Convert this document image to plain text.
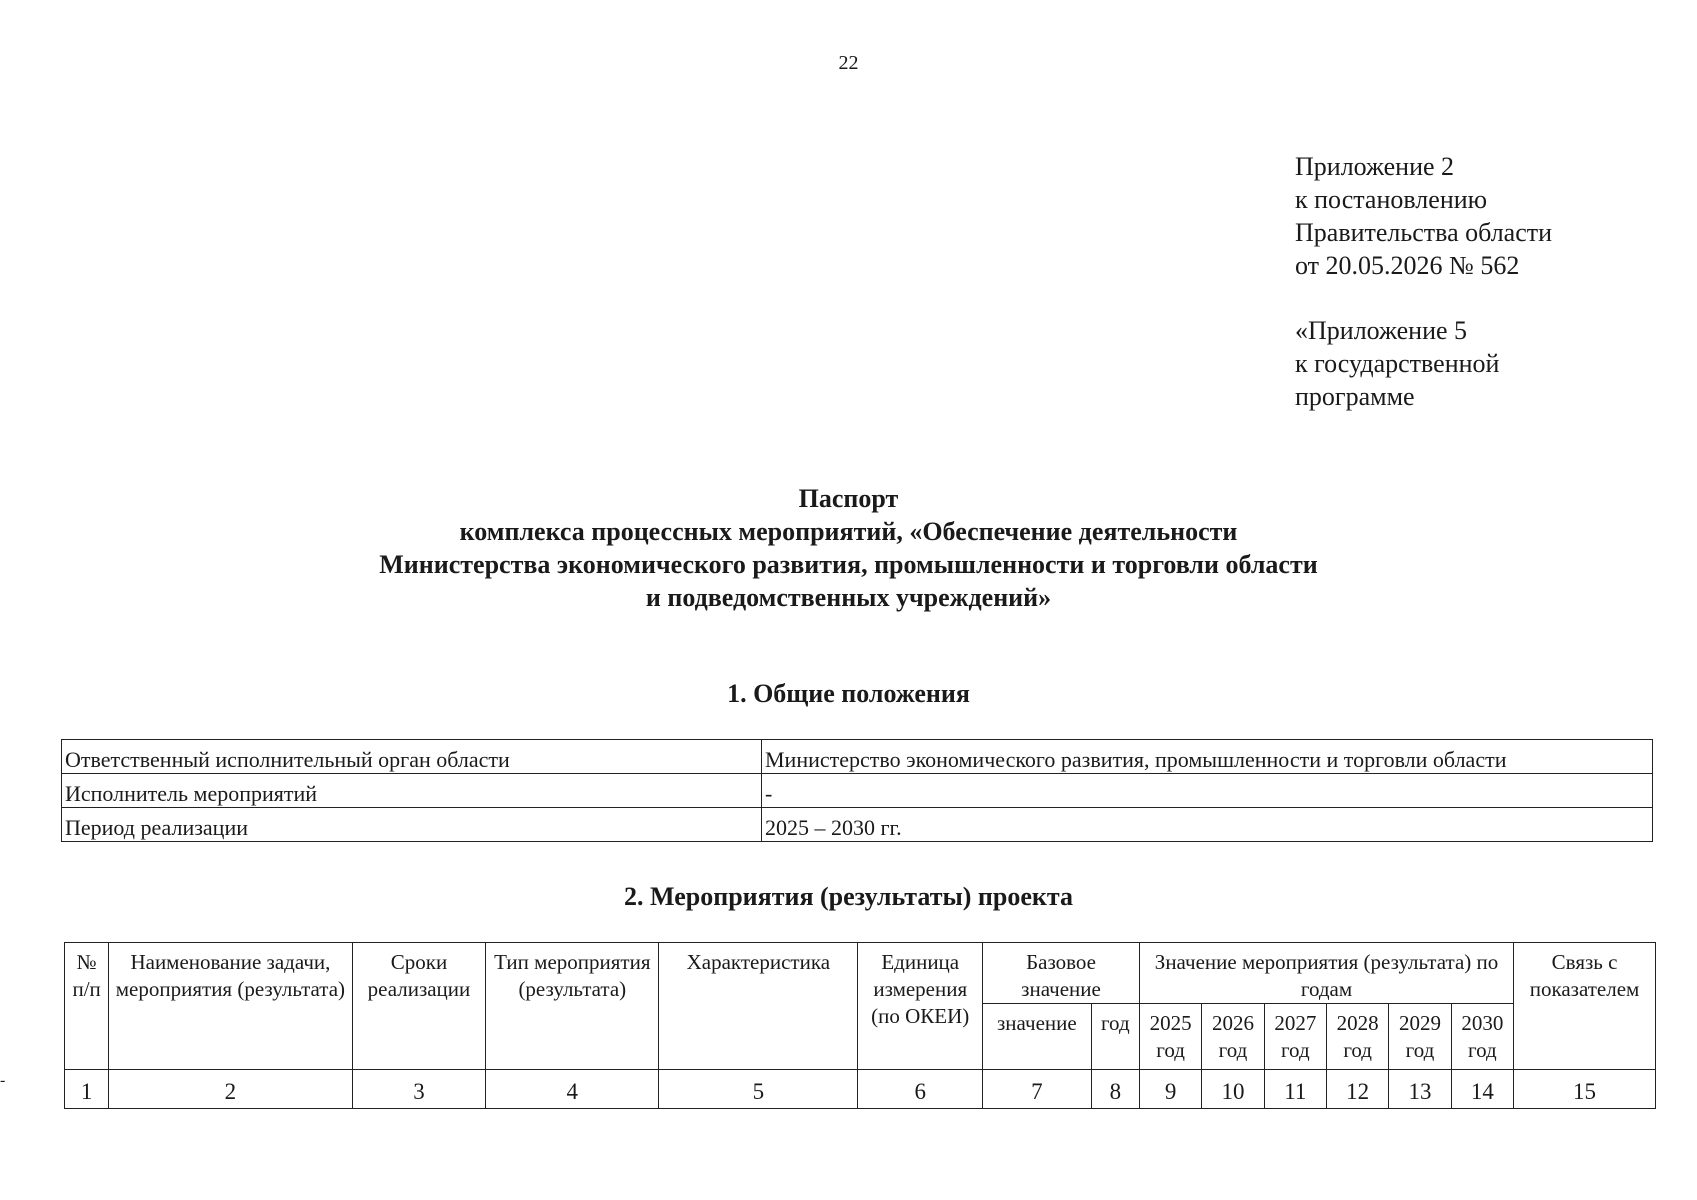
22
Приложение 2
к постановлению
Правительства области
от 20.05.2026 № 562
«Приложение 5
к государственной
программе
Паспорт
комплекса процессных мероприятий, «Обеспечение деятельности
Министерства экономического развития, промышленности и торговли области
и подведомственных учреждений»
1. Общие положения
Ответственный исполнительный орган области	Министерство экономического развития, промышленности и торговли области
Исполнитель мероприятий	-
Период реализации	2025 – 2030 гг.
2. Мероприятия (результаты) проекта
№ п/п	Наименование задачи, мероприятия (результата)	Сроки реализации	Тип мероприятия (результата)	Характеристика	Единица измерения (по ОКЕИ)	Базовое значение		Значение мероприятия (результата) по годам						Связь с показателем
						значение	год	2025 год	2026 год	2027 год	2028 год	2029 год	2030 год	
1	2	3	4	5	6	7	8	9	10	11	12	13	14	15
-
